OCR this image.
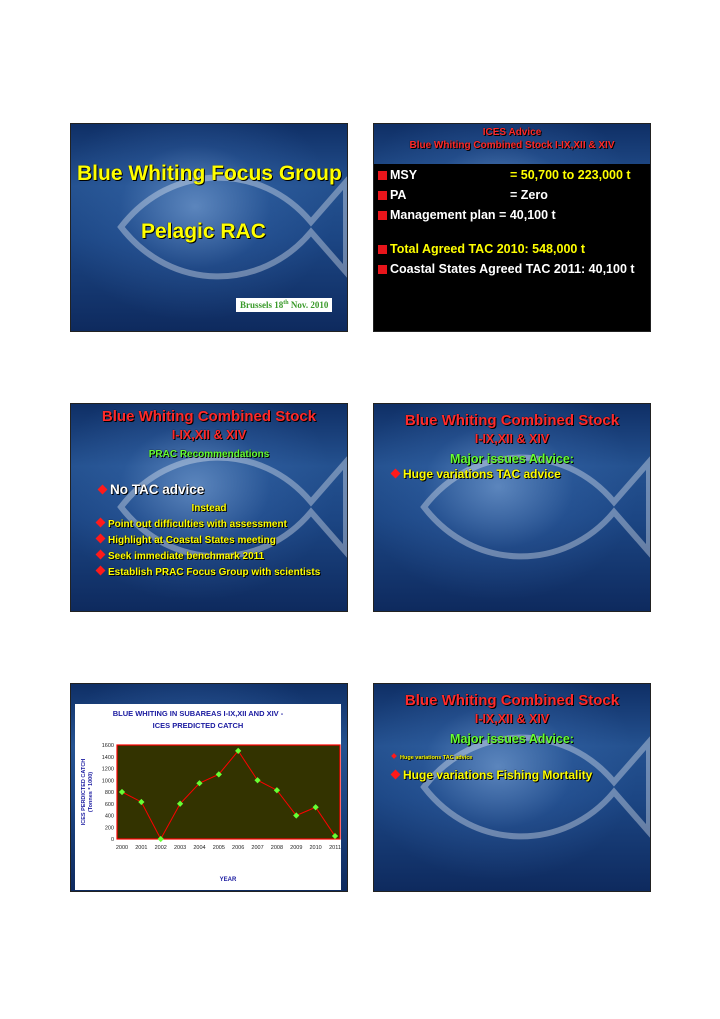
Blue Whiting Focus Group
Pelagic RAC
Brussels 18th Nov. 2010
ICES Advice
Blue Whiting Combined Stock I-IX,XII & XIV
MSY	= 50,700 to 223,000 t
PA	= Zero
Management plan = 40,100 t
Total Agreed TAC 2010: 548,000 t
Coastal States Agreed TAC 2011: 40,100 t
Blue Whiting Combined Stock
I-IX,XII & XIV
PRAC Recommendations
No TAC advice
Instead
Point out difficulties with assessment
Highlight at Coastal States meeting
Seek immediate benchmark 2011
Establish PRAC Focus Group with scientists
Blue Whiting Combined Stock
I-IX,XII & XIV
Major issues Advice:
Huge variations TAC advice
BLUE WHITING IN SUBAREAS I-IX,XII AND XIV -
ICES PREDICTED CATCH
0
200
400
600
800
1000
1200
1400
1600
2000 2001 2002 2003 2004 2005 2006 2007 2008 2009 2010 2011
YEAR
ICES PERDICTED CATCH (Tonnes * 1000)
Blue Whiting Combined Stock
I-IX,XII & XIV
Major issues Advice:
Huge variations TAC advice
Huge variations Fishing Mortality
